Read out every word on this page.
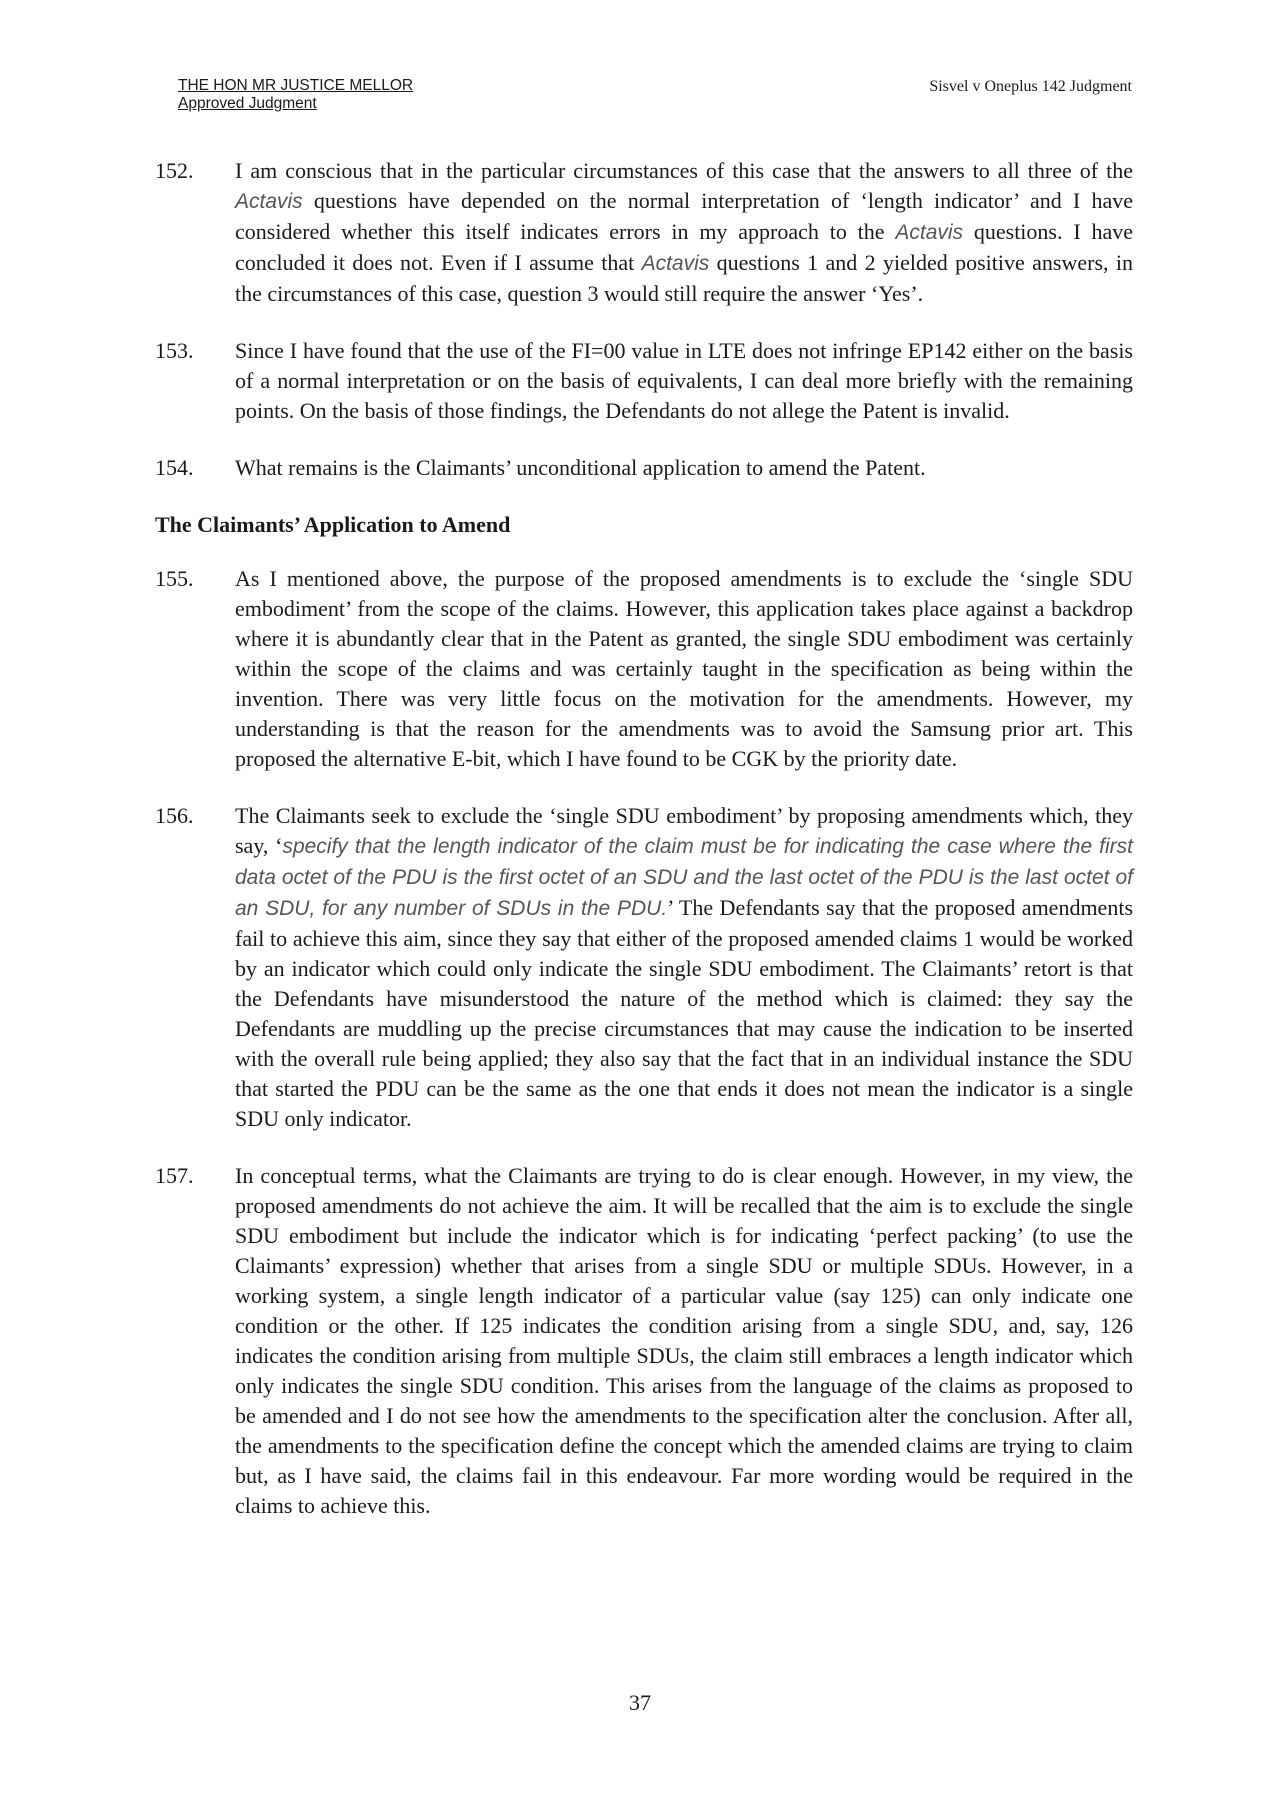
THE HON MR JUSTICE MELLOR
Approved Judgment
Sisvel v Oneplus 142 Judgment
152.	I am conscious that in the particular circumstances of this case that the answers to all three of the Actavis questions have depended on the normal interpretation of ‘length indicator’ and I have considered whether this itself indicates errors in my approach to the Actavis questions. I have concluded it does not. Even if I assume that Actavis questions 1 and 2 yielded positive answers, in the circumstances of this case, question 3 would still require the answer ‘Yes’.
153.	Since I have found that the use of the FI=00 value in LTE does not infringe EP142 either on the basis of a normal interpretation or on the basis of equivalents, I can deal more briefly with the remaining points. On the basis of those findings, the Defendants do not allege the Patent is invalid.
154.	What remains is the Claimants’ unconditional application to amend the Patent.
The Claimants’ Application to Amend
155.	As I mentioned above, the purpose of the proposed amendments is to exclude the ‘single SDU embodiment’ from the scope of the claims. However, this application takes place against a backdrop where it is abundantly clear that in the Patent as granted, the single SDU embodiment was certainly within the scope of the claims and was certainly taught in the specification as being within the invention. There was very little focus on the motivation for the amendments. However, my understanding is that the reason for the amendments was to avoid the Samsung prior art. This proposed the alternative E-bit, which I have found to be CGK by the priority date.
156.	The Claimants seek to exclude the ‘single SDU embodiment’ by proposing amendments which, they say, ‘specify that the length indicator of the claim must be for indicating the case where the first data octet of the PDU is the first octet of an SDU and the last octet of the PDU is the last octet of an SDU, for any number of SDUs in the PDU.’ The Defendants say that the proposed amendments fail to achieve this aim, since they say that either of the proposed amended claims 1 would be worked by an indicator which could only indicate the single SDU embodiment. The Claimants’ retort is that the Defendants have misunderstood the nature of the method which is claimed: they say the Defendants are muddling up the precise circumstances that may cause the indication to be inserted with the overall rule being applied; they also say that the fact that in an individual instance the SDU that started the PDU can be the same as the one that ends it does not mean the indicator is a single SDU only indicator.
157.	In conceptual terms, what the Claimants are trying to do is clear enough. However, in my view, the proposed amendments do not achieve the aim. It will be recalled that the aim is to exclude the single SDU embodiment but include the indicator which is for indicating ‘perfect packing’ (to use the Claimants’ expression) whether that arises from a single SDU or multiple SDUs. However, in a working system, a single length indicator of a particular value (say 125) can only indicate one condition or the other. If 125 indicates the condition arising from a single SDU, and, say, 126 indicates the condition arising from multiple SDUs, the claim still embraces a length indicator which only indicates the single SDU condition. This arises from the language of the claims as proposed to be amended and I do not see how the amendments to the specification alter the conclusion. After all, the amendments to the specification define the concept which the amended claims are trying to claim but, as I have said, the claims fail in this endeavour. Far more wording would be required in the claims to achieve this.
37
